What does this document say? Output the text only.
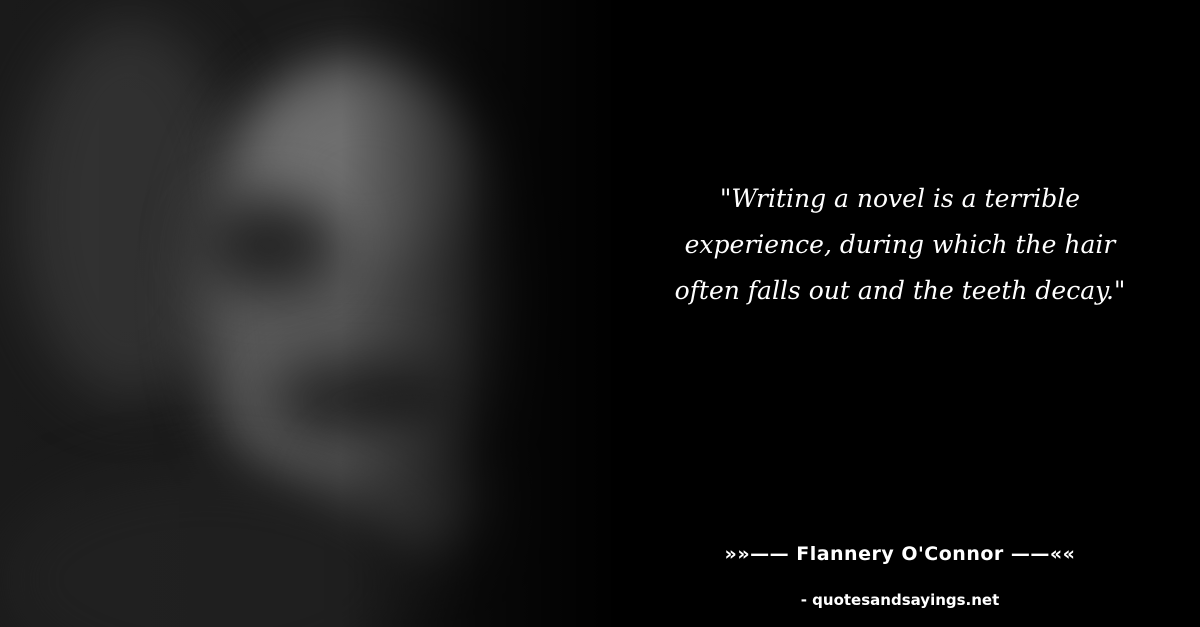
"Writing a novel is a terrible experience, during which the hair often falls out and the teeth decay."

»»—— Flannery O'Connor ——««
- quotesandsayings.net
